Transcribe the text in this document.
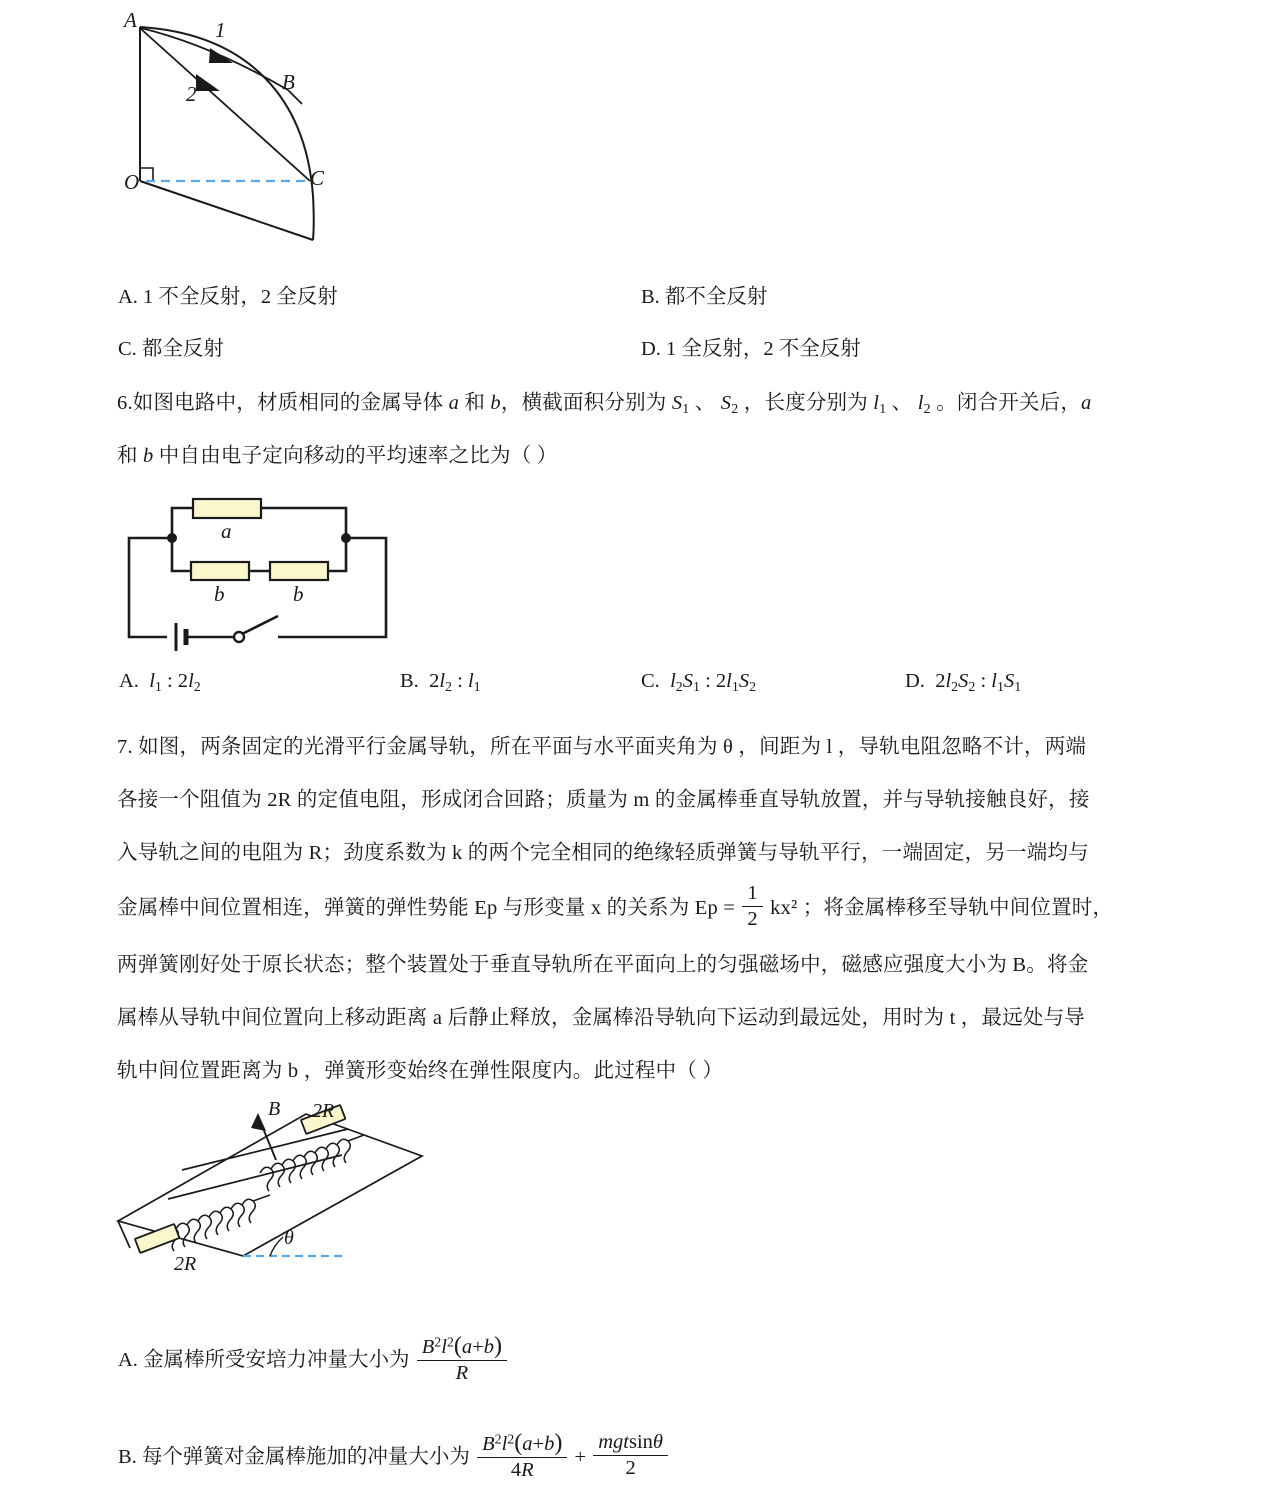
A
O
B
C
1
2
A. 1 不全反射，2 全反射	B. 都不全反射
C. 都全反射	D. 1 全反射，2 不全反射
6.如图电路中，材质相同的金属导体 a 和 b，横截面积分别为 S1 、 S2 ，长度分别为 l1 、 l2 。闭合开关后，a
和 b 中自由电子定向移动的平均速率之比为（ ）
a
b	b
A. l1 : 2l2	B.  2l2 : l1	C. l2S1 : 2l1S2	D.  2l2S2 : l1S1
7. 如图，两条固定的光滑平行金属导轨，所在平面与水平面夹角为 θ ，间距为 l ，导轨电阻忽略不计，两端
各接一个阻值为 2R 的定值电阻，形成闭合回路；质量为 m 的金属棒垂直导轨放置，并与导轨接触良好，接
入导轨之间的电阻为 R；劲度系数为 k 的两个完全相同的绝缘轻质弹簧与导轨平行，一端固定，另一端均与
金属棒中间位置相连，弹簧的弹性势能 Ep 与形变量 x 的关系为 $Ep = \frac{1}{2} kx^2$ ；将金属棒移至导轨中间位置时，
两弹簧刚好处于原长状态；整个装置处于垂直导轨所在平面向上的匀强磁场中，磁感应强度大小为 B。将金
属棒从导轨中间位置向上移动距离 a 后静止释放，金属棒沿导轨向下运动到最远处，用时为 t ，最远处与导
轨中间位置距离为 b ，弹簧形变始终在弹性限度内。此过程中（ ）
B 2R
2R
θ
A. 金属棒所受安培力冲量大小为 $\frac{B^2l^2(a+b)}{R}$
B. 每个弹簧对金属棒施加的冲量大小为 $\frac{B^2l^2(a+b)}{4R} + \frac{\text{mgtsinθ}}{2}$
